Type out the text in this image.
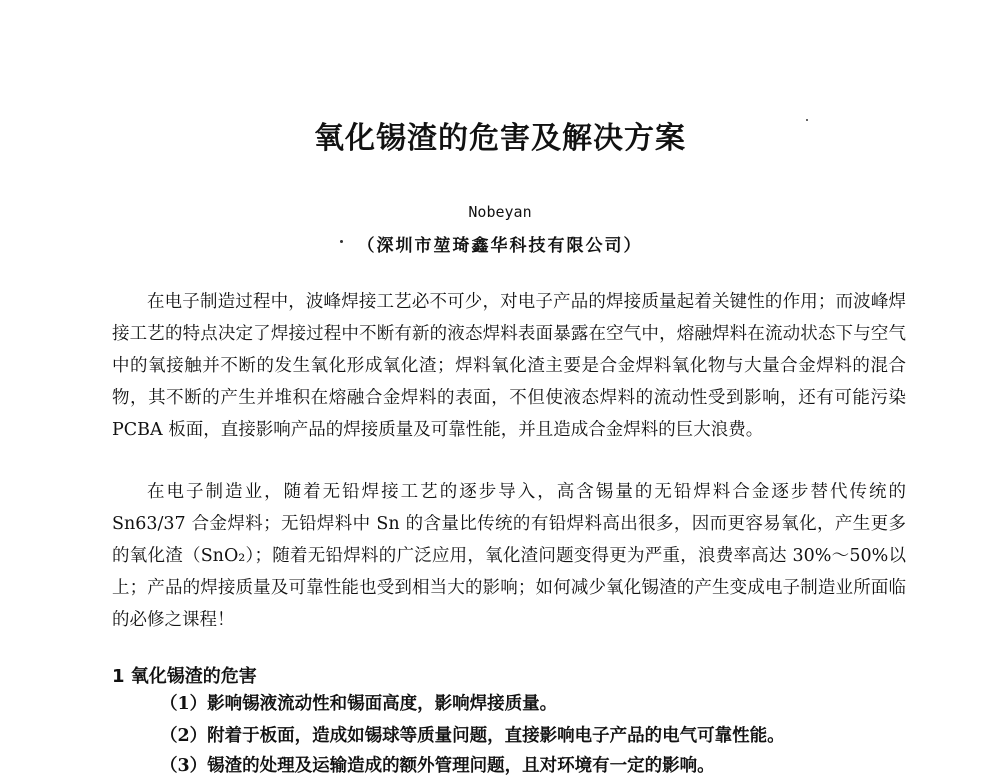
氧化锡渣的危害及解决方案
Nobeyan
（深圳市堃琦鑫华科技有限公司）
在电子制造过程中，波峰焊接工艺必不可少，对电子产品的焊接质量起着关键性的作用；而波峰焊接工艺的特点决定了焊接过程中不断有新的液态焊料表面暴露在空气中，熔融焊料在流动状态下与空气中的氧接触并不断的发生氧化形成氧化渣；焊料氧化渣主要是合金焊料氧化物与大量合金焊料的混合物，其不断的产生并堆积在熔融合金焊料的表面，不但使液态焊料的流动性受到影响，还有可能污染 PCBA 板面，直接影响产品的焊接质量及可靠性能，并且造成合金焊料的巨大浪费。
在电子制造业，随着无铅焊接工艺的逐步导入，高含锡量的无铅焊料合金逐步替代传统的 Sn63/37 合金焊料；无铅焊料中 Sn 的含量比传统的有铅焊料高出很多，因而更容易氧化，产生更多的氧化渣（SnO₂）；随着无铅焊料的广泛应用，氧化渣问题变得更为严重，浪费率高达 30%～50%以上；产品的焊接质量及可靠性能也受到相当大的影响；如何减少氧化锡渣的产生变成电子制造业所面临的必修之课程！
1 氧化锡渣的危害
（1）影响锡液流动性和锡面高度，影响焊接质量。
（2）附着于板面，造成如锡球等质量问题，直接影响电子产品的电气可靠性能。
（3）锡渣的处理及运输造成的额外管理问题，且对环境有一定的影响。
